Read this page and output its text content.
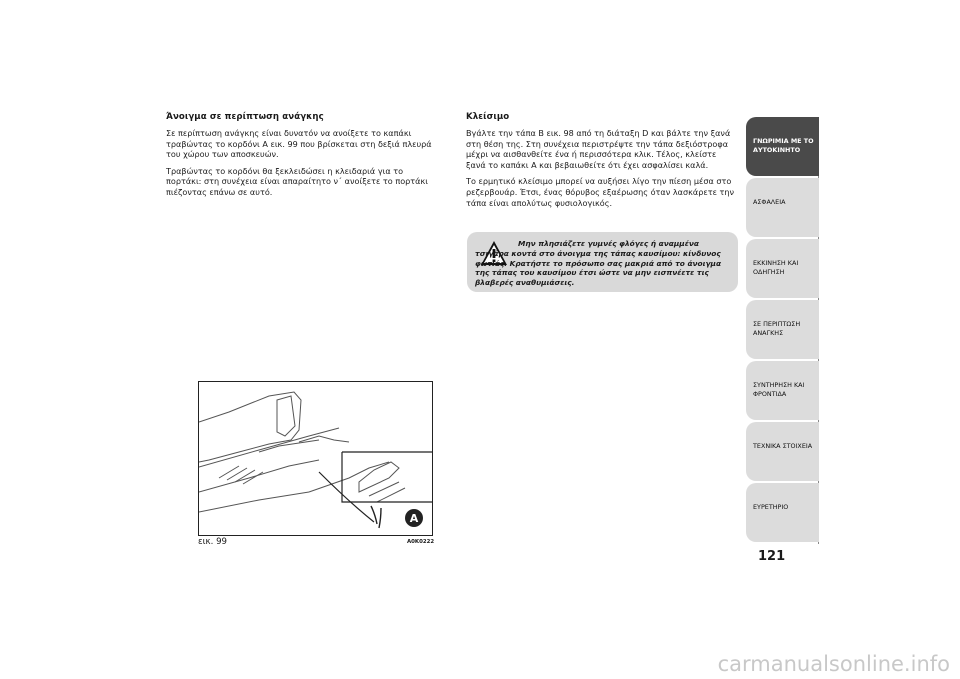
Άνοιγμα σε περίπτωση ανάγκης

Σε περίπτωση ανάγκης είναι δυνατόν να ανοίξετε το καπάκι τραβώντας το κορδόνι A εικ. 99 που βρίσκεται στη δεξιά πλευρά του χώρου των αποσκευών.

Τραβώντας το κορδόνι θα ξεκλειδώσει η κλειδαριά για το πορτάκι: στη συνέχεια είναι απαραίτητο ν΄ ανοίξετε το πορτάκι πιέζοντας επάνω σε αυτό.

Κλείσιμο

Βγάλτε την τάπα B εικ. 98 από τη διάταξη D και βάλτε την ξανά στη θέση της. Στη συνέχεια περιστρέψτε την τάπα δεξιόστροφα μέχρι να αισθανθείτε ένα ή περισσότερα κλικ. Τέλος, κλείστε ξανά το καπάκι A και βεβαιωθείτε ότι έχει ασφαλίσει καλά.

Το ερμητικό κλείσιμο μπορεί να αυξήσει λίγο την πίεση μέσα στο ρεζερβουάρ. Έτσι, ένας θόρυβος εξαέρωσης όταν λασκάρετε την τάπα είναι απολύτως φυσιολογικός.

Μην πλησιάζετε γυμνές φλόγες ή αναμμένα τσιγάρα κοντά στο άνοιγμα της τάπας καυσίμου: κίνδυνος φωτιάς. Κρατήστε το πρόσωπο σας μακριά από το άνοιγμα της τάπας του καυσίμου έτσι ώστε να μην εισπνέετε τις βλαβερές αναθυμιάσεις.
A
εικ. 99	A0K0222
ΓΝΩΡΙΜΙΑ ΜΕ ΤΟ ΑΥΤΟΚΙΝΗΤΟ
ΑΣΦΑΛΕΙΑ
ΕΚΚΙΝΗΣΗ ΚΑΙ ΟΔΗΓΗΣΗ
ΣΕ ΠΕΡΙΠΤΩΣΗ ΑΝΑΓΚΗΣ
ΣΥΝΤΗΡΗΣΗ ΚΑΙ ΦΡΟΝΤΙΔΑ
ΤΕΧΝΙΚΑ ΣΤΟΙΧΕΙΑ
ΕΥΡΕΤΗΡΙΟ
121
carmanualsonline.info
